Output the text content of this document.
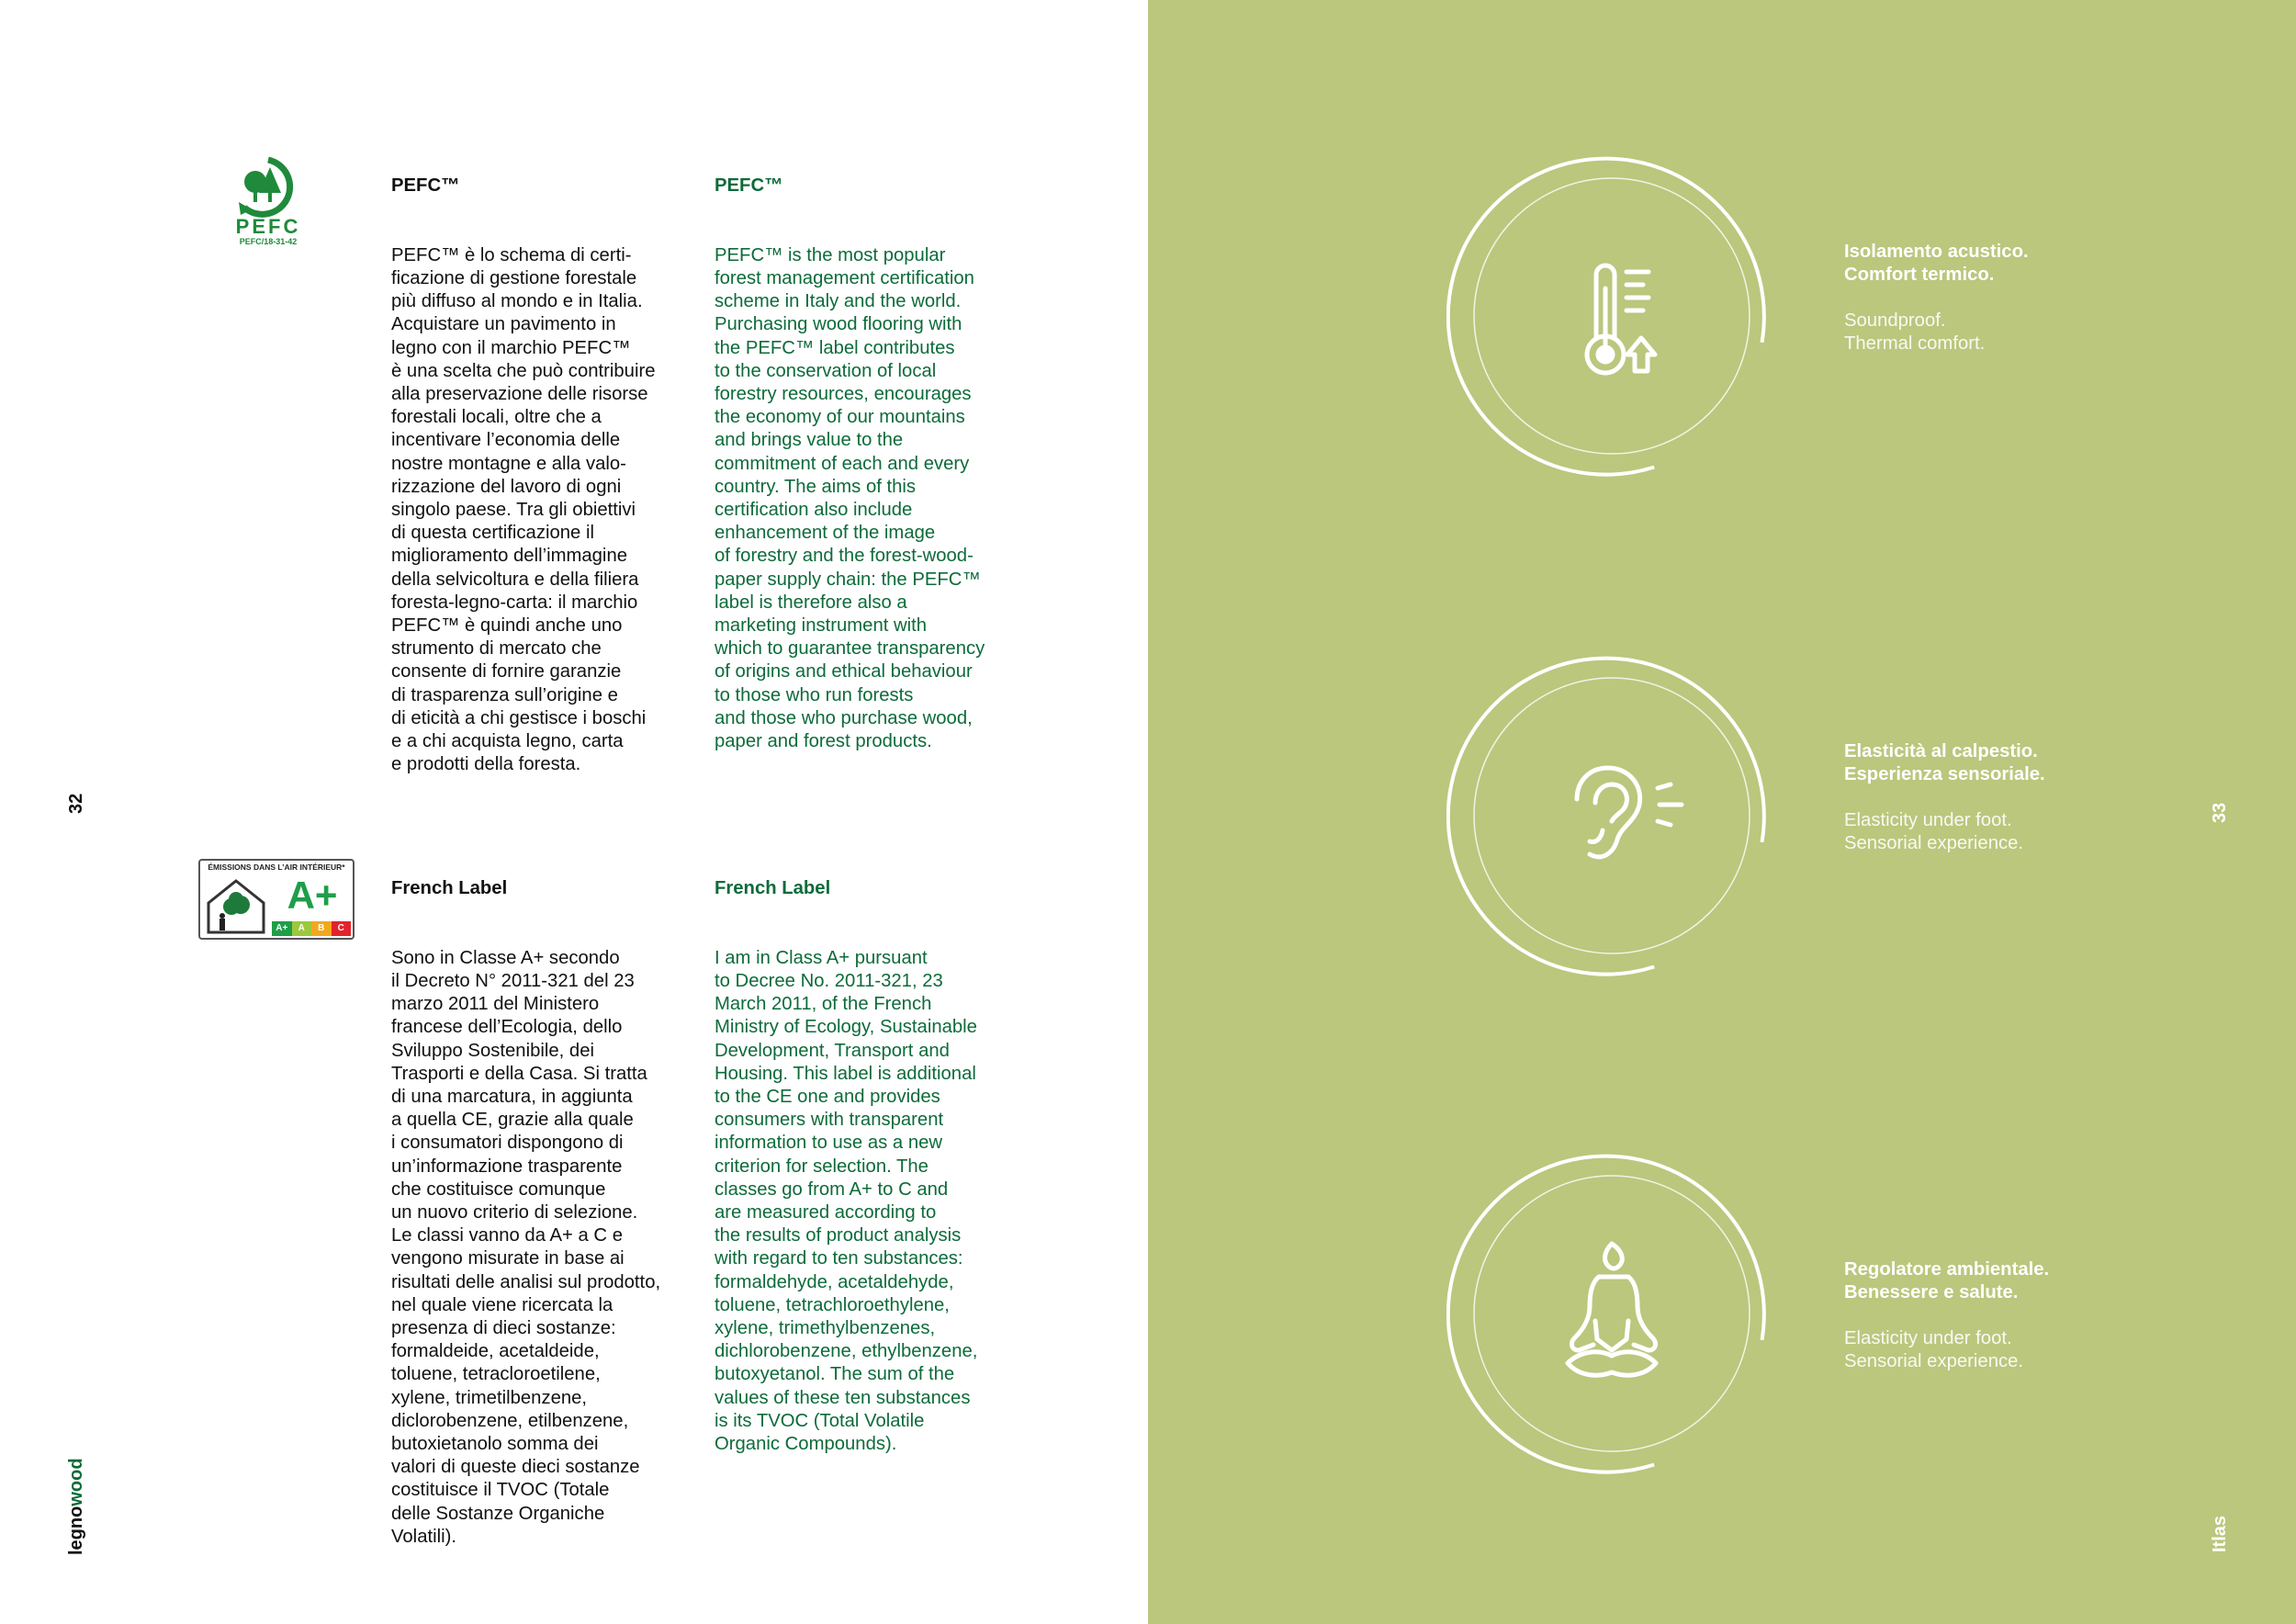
PEFC
PEFC/18-31-42

PEFC™

PEFC™ è lo schema di certi-
ficazione di gestione forestale
più diffuso al mondo e in Italia.
Acquistare un pavimento in
legno con il marchio PEFC™
è una scelta che può contribuire
alla preservazione delle risorse
forestali locali, oltre che a
incentivare l’economia delle
nostre montagne e alla valo-
rizzazione del lavoro di ogni
singolo paese. Tra gli obiettivi
di questa certificazione il
miglioramento dell’immagine
della selvicoltura e della filiera
foresta-legno-carta: il marchio
PEFC™ è quindi anche uno
strumento di mercato che
consente di fornire garanzie
di trasparenza sull’origine e
di eticità a chi gestisce i boschi
e a chi acquista legno, carta
e prodotti della foresta.

PEFC™

PEFC™ is the most popular
forest management certification
scheme in Italy and the world.
Purchasing wood flooring with
the PEFC™ label contributes
to the conservation of local
forestry resources, encourages
the economy of our mountains
and brings value to the
commitment of each and every
country. The aims of this
certification also include
enhancement of the image
of forestry and the forest-wood-
paper supply chain: the PEFC™
label is therefore also a
marketing instrument with
which to guarantee transparency
of origins and ethical behaviour
to those who run forests
and those who purchase wood,
paper and forest products.

ÉMISSIONS DANS L’AIR INTÉRIEUR*
A+
A+	A	B	C

French Label

Sono in Classe A+ secondo
il Decreto N° 2011-321 del 23
marzo 2011 del Ministero
francese dell’Ecologia, dello
Sviluppo Sostenibile, dei
Trasporti e della Casa. Si tratta
di una marcatura, in aggiunta
a quella CE, grazie alla quale
i consumatori dispongono di
un’informazione trasparente
che costituisce comunque
un nuovo criterio di selezione.
Le classi vanno da A+ a C e
vengono misurate in base ai
risultati delle analisi sul prodotto,
nel quale viene ricercata la
presenza di dieci sostanze:
formaldeide, acetaldeide,
toluene, tetracloroetilene,
xylene, trimetilbenzene,
diclorobenzene, etilbenzene,
butoxietanolo somma dei
valori di queste dieci sostanze
costituisce il TVOC (Totale
delle Sostanze Organiche
Volatili).

French Label

I am in Class A+ pursuant
to Decree No. 2011-321, 23
March 2011, of the French
Ministry of Ecology, Sustainable
Development, Transport and
Housing. This label is additional
to the CE one and provides
consumers with transparent
information to use as a new
criterion for selection. The
classes go from A+ to C and
are measured according to
the results of product analysis
with regard to ten substances:
formaldehyde, acetaldehyde,
toluene, tetrachloroethylene,
xylene, trimethylbenzenes,
dichlorobenzene, ethylbenzene,
butoxyetanol. The sum of the
values of these ten substances
is its TVOC (Total Volatile
Organic Compounds).

32
legnowood
Isolamento acustico.
Comfort termico.
Soundproof.
Thermal comfort.
Elasticità al calpestio.
Esperienza sensoriale.
Elasticity under foot.
Sensorial experience.
Regolatore ambientale.
Benessere e salute.
Elasticity under foot.
Sensorial experience.
33
Itlas
